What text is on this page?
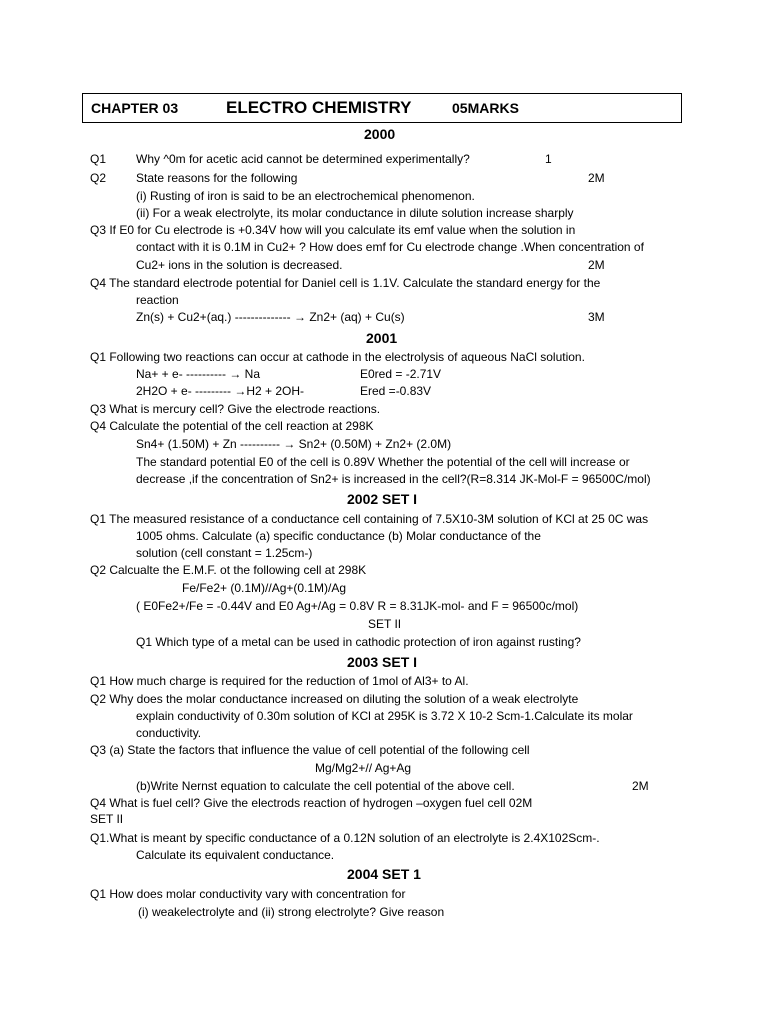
CHAPTER 03	ELECTRO CHEMISTRY	05MARKS
2000
Q1 Why ^0m for acetic acid cannot be determined experimentally?	1
Q2 State reasons for the following	2M
(i) Rusting of iron is said to be an electrochemical phenomenon.
(ii) For a weak electrolyte, its molar conductance in dilute solution increase sharply
Q3 If E0 for Cu electrode is +0.34V how will you calculate its emf value when the solution in
contact with it is 0.1M in Cu2+ ? How does emf for Cu electrode change .When concentration of
Cu2+ ions in the solution is decreased.	2M
Q4 The standard electrode potential for Daniel cell is 1.1V. Calculate the standard energy for the
reaction
Zn(s) + Cu2+(aq.) -------------- → Zn2+ (aq) + Cu(s)	3M
2001
Q1 Following two reactions can occur at cathode in the electrolysis of aqueous NaCl solution.
Na+ + e- ---------- → Na	E0red = -2.71V
2H2O + e- --------- →H2 + 2OH-	Ered =-0.83V
Q3 What is mercury cell? Give the electrode reactions.
Q4 Calculate the potential of the cell reaction at 298K
Sn4+ (1.50M) + Zn ---------- → Sn2+ (0.50M) + Zn2+ (2.0M)
The standard potential E0 of the cell is 0.89V Whether the potential of the cell will increase or
decrease ,if the concentration of Sn2+ is increased in the cell?(R=8.314 JK-Mol-F = 96500C/mol)
2002 SET I
Q1 The measured resistance of a conductance cell containing of 7.5X10-3M solution of KCl at 25 0C was
1005 ohms. Calculate (a) specific conductance (b) Molar conductance of the
solution (cell constant = 1.25cm-)
Q2 Calcualte the E.M.F. ot the following cell at 298K
Fe/Fe2+ (0.1M)//Ag+(0.1M)/Ag
( E0Fe2+/Fe = -0.44V and E0 Ag+/Ag = 0.8V R = 8.31JK-mol- and F = 96500c/mol)
SET II
Q1 Which type of a metal can be used in cathodic protection of iron against rusting?
2003 SET I
Q1 How much charge is required for the reduction of 1mol of Al3+ to Al.
Q2 Why does the molar conductance increased on diluting the solution of a weak electrolyte
explain conductivity of 0.30m solution of KCl at 295K is 3.72 X 10-2 Scm-1.Calculate its molar
conductivity.
Q3 (a) State the factors that influence the value of cell potential of the following cell
Mg/Mg2+// Ag+Ag
(b)Write Nernst equation to calculate the cell potential of the above cell.	2M
Q4 What is fuel cell? Give the electrods reaction of hydrogen –oxygen fuel cell 02M
SET II
Q1.What is meant by specific conductance of a 0.12N solution of an electrolyte is 2.4X102Scm-.
Calculate its equivalent conductance.
2004 SET 1
Q1 How does molar conductivity vary with concentration for
(i) weakelectrolyte and (ii) strong electrolyte? Give reason
